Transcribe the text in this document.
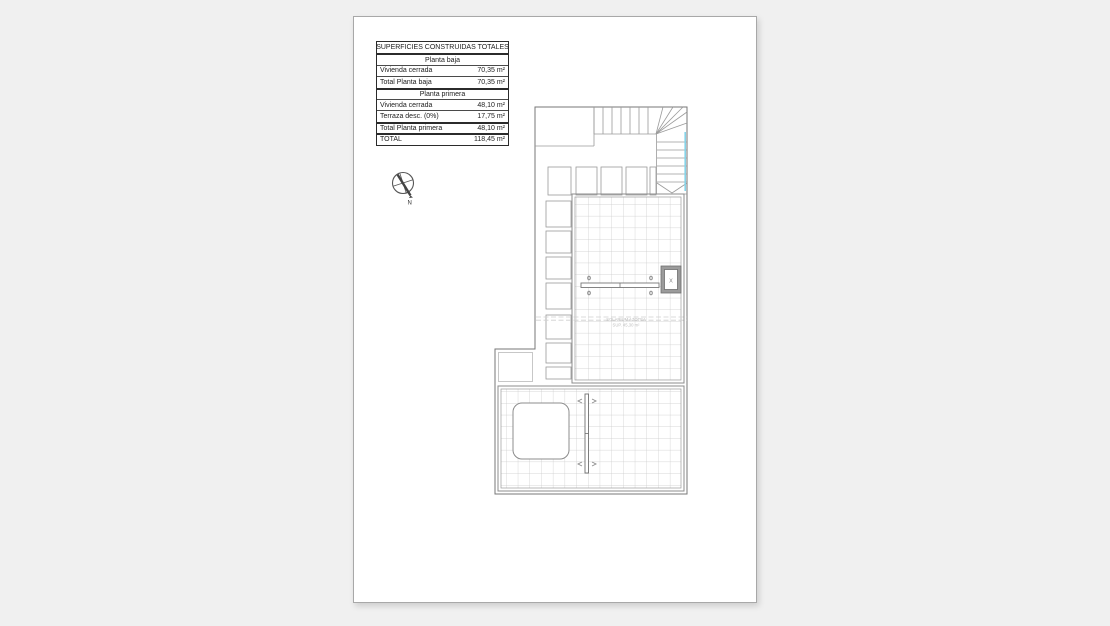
SUPERFICIES CONSTRUIDAS TOTALES
Planta baja
Vivienda cerrada	70,35 m²
Total Planta baja	70,35 m²
Planta primera
Vivienda cerrada	48,10 m²
Terraza desc. (0%)	17,75 m²
Total Planta primera	48,10 m²
TOTAL	118,45 m²
N
SOLARIUM AZOTEA
SUP. 45,30 m²
X
